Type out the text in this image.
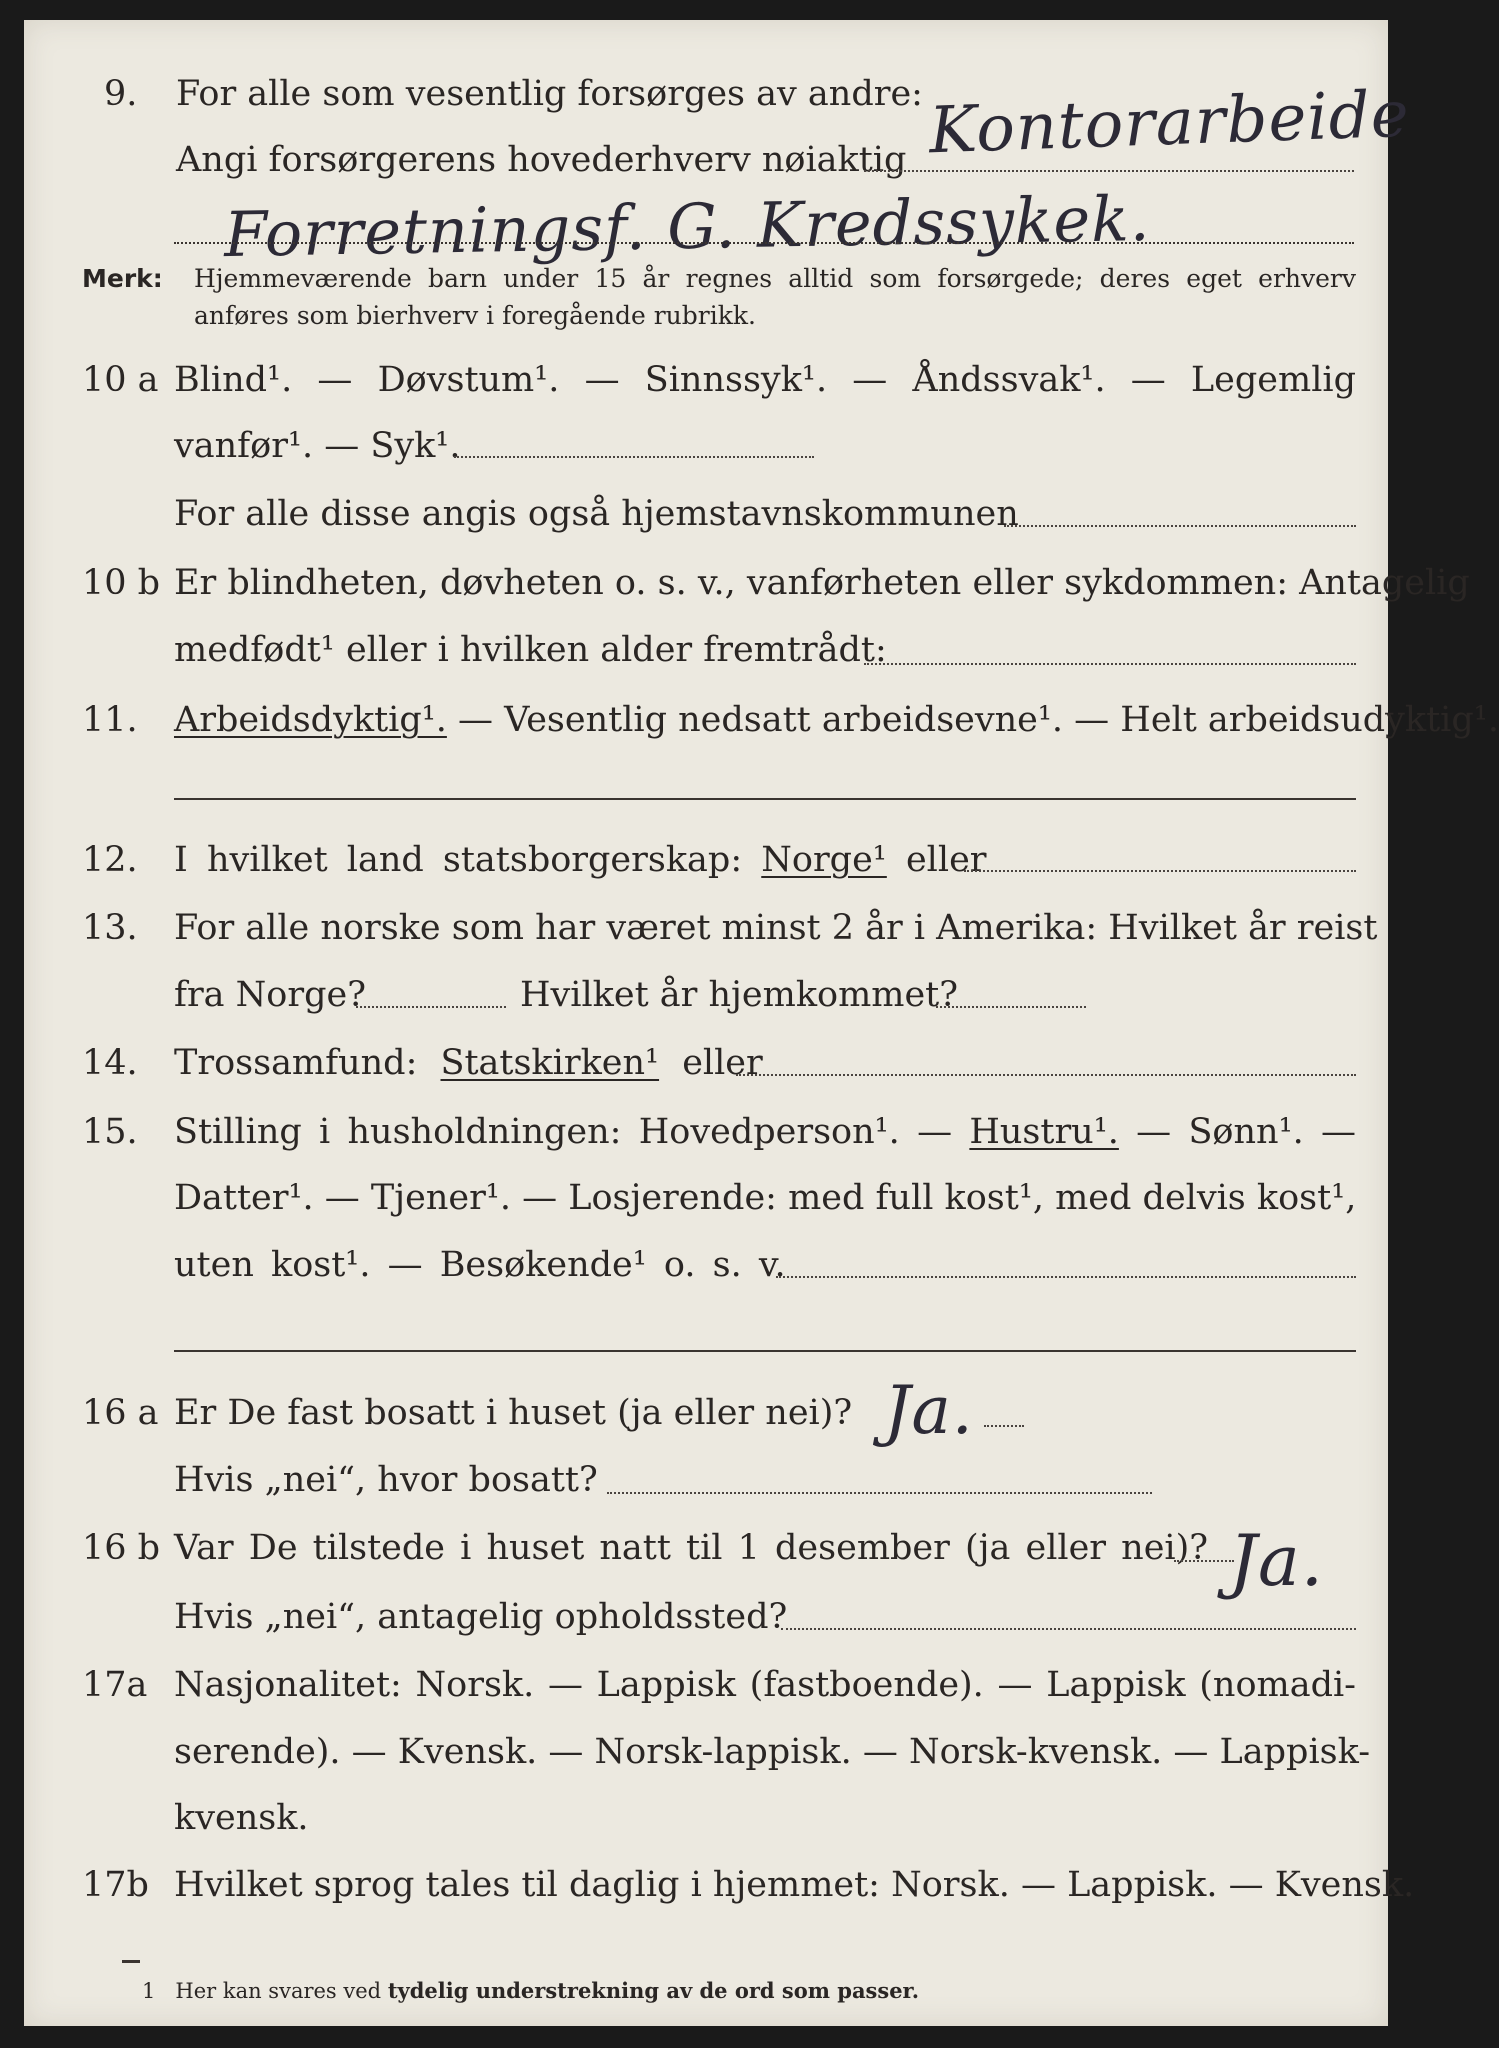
9. For alle som vesentlig forsørges av andre: Kontorarbeide
Angi forsørgerens hovederhverv nøiaktig
Forretningsf. G. Kredssykek.
Merk: Hjemmeværende barn under 15 år regnes alltid som forsørgede; deres eget erhverv
anføres som bierhverv i foregående rubrikk.
10 a Blind¹. — Døvstum¹. — Sinnssyk¹. — Åndssvak¹. — Legemlig
vanfør¹. — Syk¹.
For alle disse angis også hjemstavnskommunen
10 b Er blindheten, døvheten o. s. v., vanførheten eller sykdommen: Antagelig
medfødt¹ eller i hvilken alder fremtrådt:
11. Arbeidsdyktig¹. — Vesentlig nedsatt arbeidsevne¹. — Helt arbeidsudyktig¹.
12. I hvilket land statsborgerskap: Norge¹ eller
13. For alle norske som har været minst 2 år i Amerika: Hvilket år reist
fra Norge?	Hvilket år hjemkommet?
14. Trossamfund: Statskirken¹ eller
15. Stilling i husholdningen: Hovedperson¹. — Hustru¹. — Sønn¹. —
Datter¹. — Tjener¹. — Losjerende: med full kost¹, med delvis kost¹,
uten kost¹. — Besøkende¹ o. s. v.
16 a Er De fast bosatt i huset (ja eller nei)? Ja.
Hvis „nei“, hvor bosatt?
16 b Var De tilstede i huset natt til 1 desember (ja eller nei)? Ja.
Hvis „nei“, antagelig opholdssted?
17a Nasjonalitet: Norsk. — Lappisk (fastboende). — Lappisk (nomadi-
serende). — Kvensk. — Norsk-lappisk. — Norsk-kvensk. — Lappisk-
kvensk.
17b Hvilket sprog tales til daglig i hjemmet: Norsk. — Lappisk. — Kvensk.
1 Her kan svares ved tydelig understrekning av de ord som passer.
